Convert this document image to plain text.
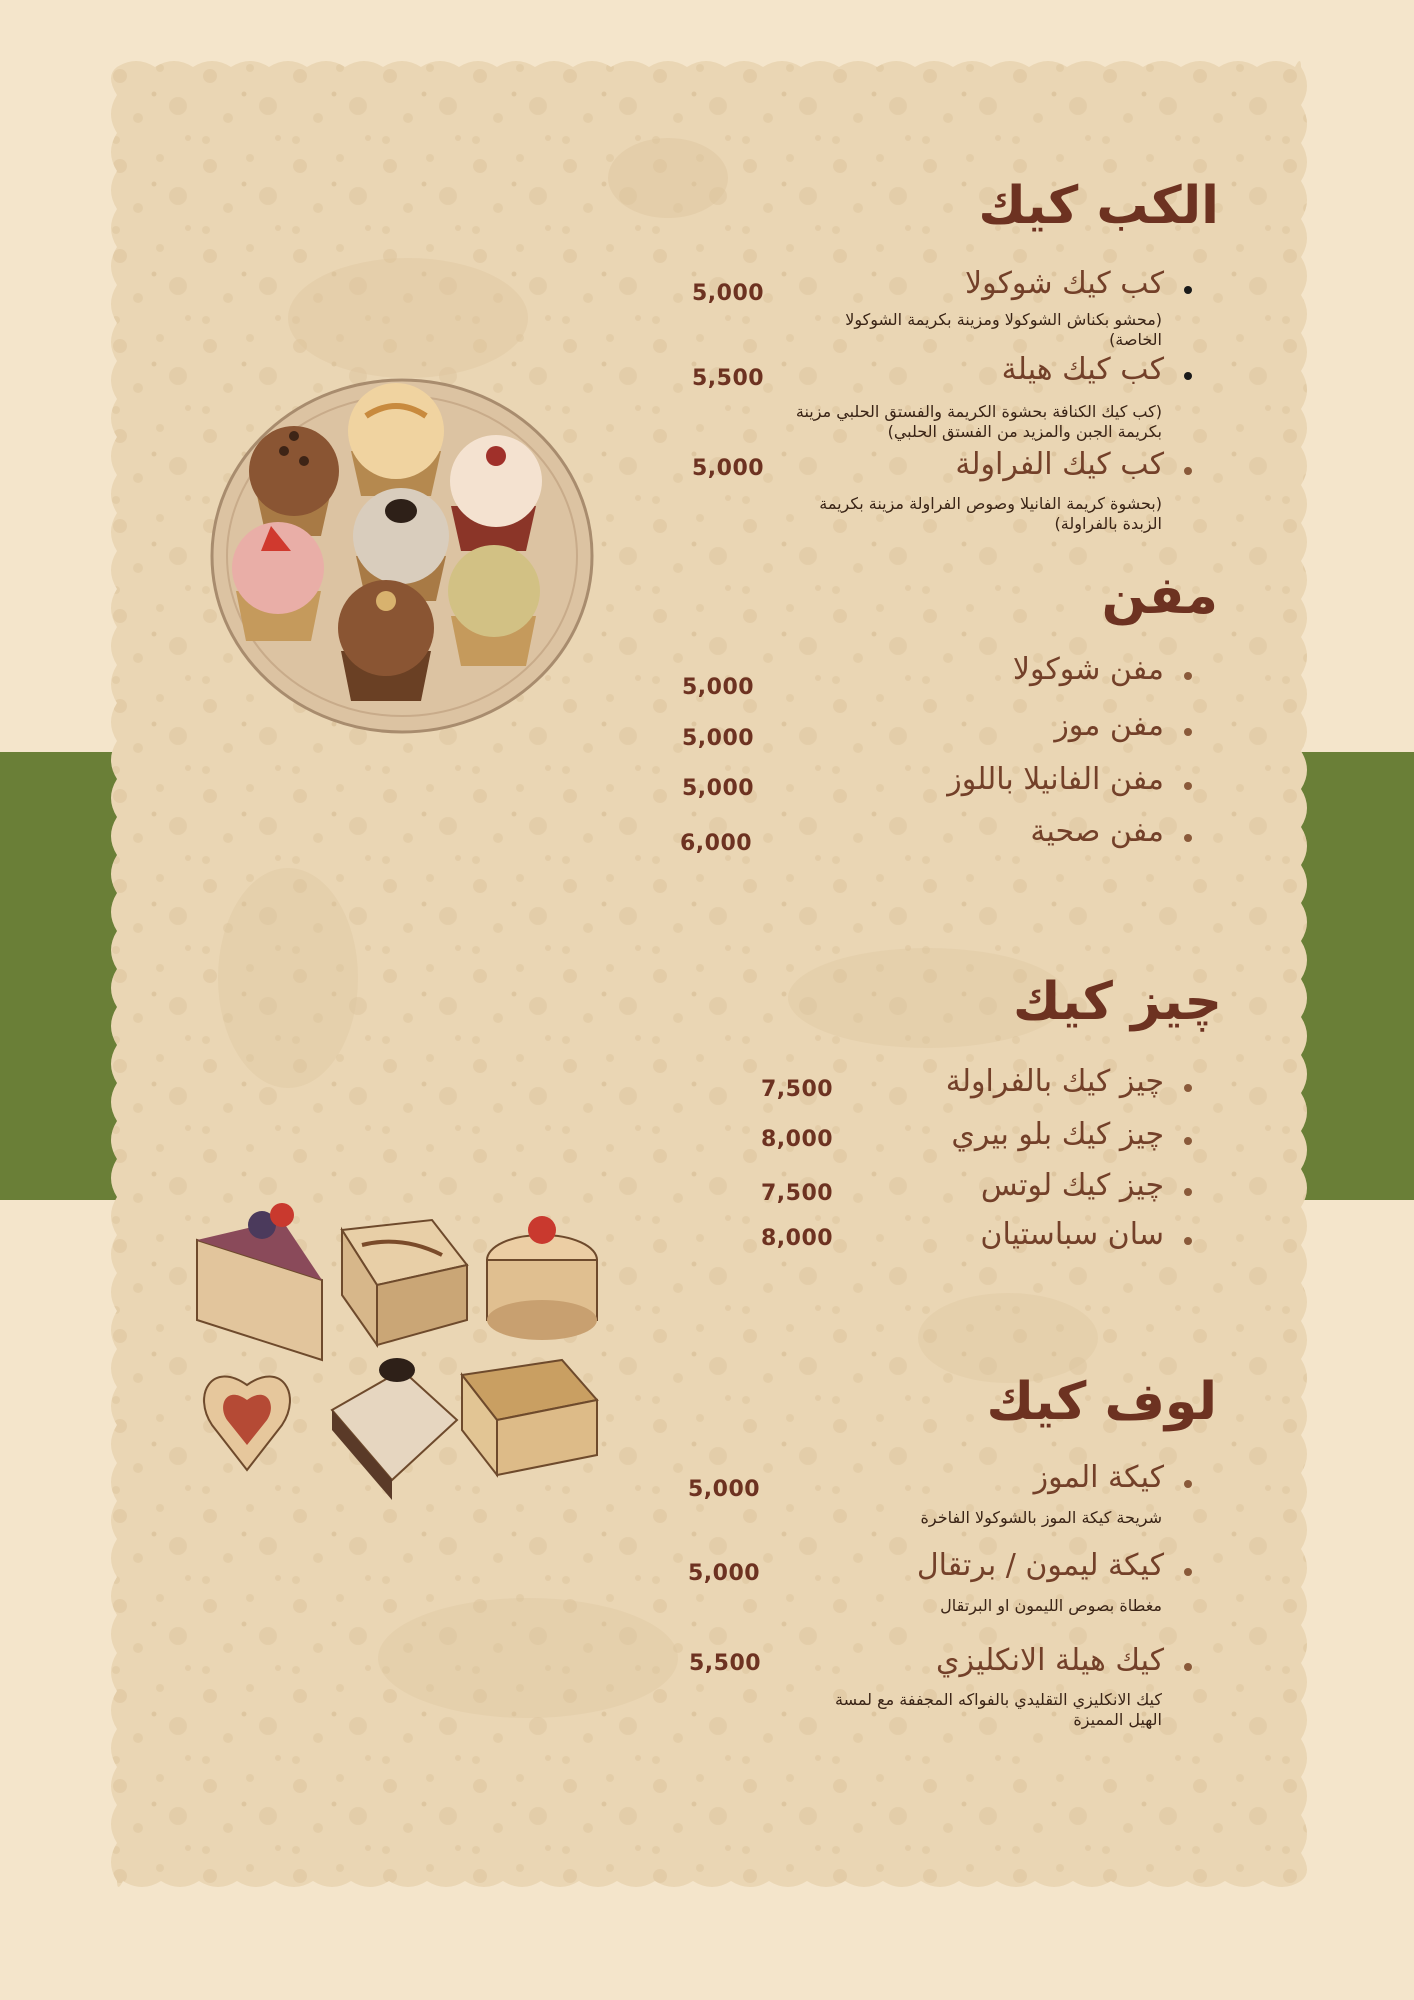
الكب كيك
كب كيك شوكولا
(محشو بكناش الشوكولا ومزينة بكريمة الشوكولا الخاصة)
5,000
كب كيك هيلة
(كب كيك الكنافة بحشوة الكريمة والفستق الحلبي مزينة بكريمة الجبن والمزيد من الفستق الحلبي)
5,500
كب كيك الفراولة
(بحشوة كريمة الفانيلا وصوص الفراولة مزينة بكريمة الزبدة بالفراولة)
5,000
مفن
مفن شوكولا
5,000
مفن موز
5,000
مفن الفانيلا باللوز
5,000
مفن صحية
6,000
چيز كيك
چيز كيك بالفراولة
7,500
چيز كيك بلو بيري
8,000
چيز كيك لوتس
7,500
سان سباستيان
8,000
لوف كيك
كيكة الموز
شريحة كيكة الموز بالشوكولا الفاخرة
5,000
كيكة ليمون / برتقال
مغطاة بصوص الليمون او البرتقال
5,000
كيك هيلة الانكليزي
كيك الانكليزي التقليدي بالفواكه المجففة مع لمسة الهيل المميزة
5,500
